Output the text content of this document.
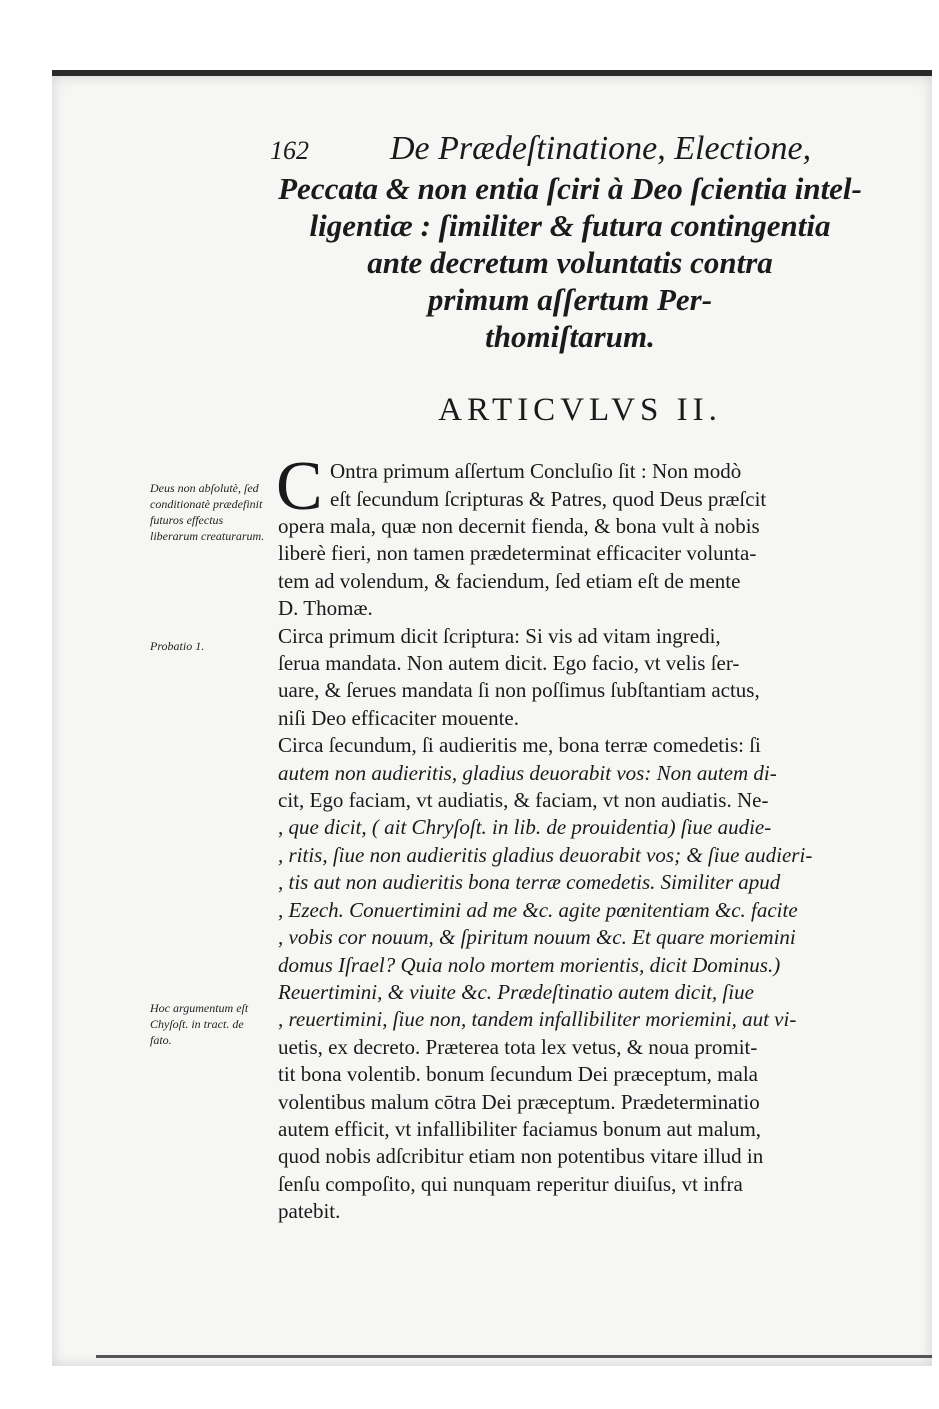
162 De Prædeſtinatione, Electione,
Peccata & non entia ſciri à Deo ſcientia intel-
ligentiæ : ſimiliter & futura contingentia
ante decretum voluntatis contra
primum aſſertum Per-
thomiſtarum.
ARTICVLVS II.
Deus non abſolutè, ſed conditionatè prædefinit futuros effectus liberarum creaturarum.
Probatio 1.
Hoc argumentum eſt Chyſoſt. in tract. de fato.
C Ontra primum aſſertum Concluſio ſit : Non modò
eſt ſecundum ſcripturas & Patres, quod Deus præſcit
opera mala, quæ non decernit fienda, & bona vult à nobis
liberè fieri, non tamen prædeterminat efficaciter volunta-
tem ad volendum, & faciendum, ſed etiam eſt de mente
D. Thomæ.
Circa primum dicit ſcriptura: Si vis ad vitam ingredi,
ſerua mandata. Non autem dicit. Ego facio, vt velis ſer-
uare, & ſerues mandata ſi non poſſimus ſubſtantiam actus,
niſi Deo efficaciter mouente.
Circa ſecundum, ſi audieritis me, bona terræ comedetis: ſi
autem non audieritis, gladius deuorabit vos: Non autem di-
cit, Ego faciam, vt audiatis, & faciam, vt non audiatis. Ne-
, que dicit, ( ait Chryſoſt. in lib. de prouidentia) ſiue audie-
, ritis, ſiue non audieritis gladius deuorabit vos; & ſiue audieri-
, tis aut non audieritis bona terræ comedetis. Similiter apud
, Ezech. Conuertimini ad me &c. agite pœnitentiam &c. facite
, vobis cor nouum, & ſpiritum nouum &c. Et quare moriemini
domus Iſrael? Quia nolo mortem morientis, dicit Dominus.)
Reuertimini, & viuite &c. Prædeſtinatio autem dicit, ſiue
, reuertimini, ſiue non, tandem infallibiliter moriemini, aut vi-
uetis, ex decreto. Præterea tota lex vetus, & noua promit-
tit bona volentib. bonum ſecundum Dei præceptum, mala
volentibus malum cōtra Dei præceptum. Prædeterminatio
autem efficit, vt infallibiliter faciamus bonum aut malum,
quod nobis adſcribitur etiam non potentibus vitare illud in
ſenſu compoſito, qui nunquam reperitur diuiſus, vt infra
patebit.
